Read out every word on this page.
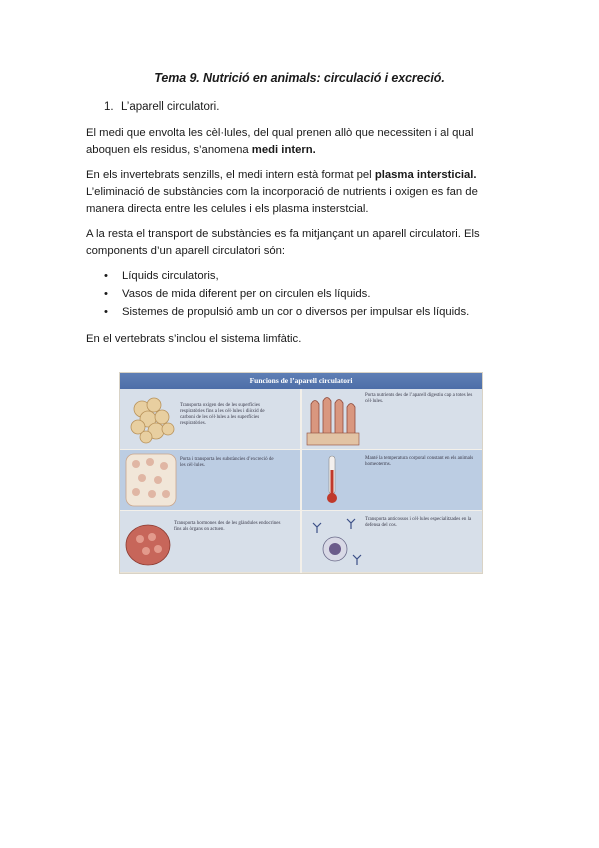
Tema 9. Nutrició en animals: circulació i excreció.
1. L’aparell circulatori.
El medi que envolta les cèl·lules, del qual prenen allò que necessiten i al qual
aboquen els residus, s’anomena medi intern.
En els invertebrats senzills, el medi intern està format pel plasma intersticial.
L’eliminació de substàncies com la incorporació de nutrients i oxigen es fan de
manera directa entre les celules i els plasma insterstcial.
A la resta el transport de substàncies es fa mitjançant un aparell circulatori. Els
components d’un aparell circulatori són:
• Líquids circulatoris,
• Vasos de mida diferent per on circulen els líquids.
• Sistemes de propulsió amb un cor o diversos per impulsar els líquids.
En el vertebrats s’inclou el sistema limfàtic.
Funcions de l’aparell circulatori
Transporta oxigen des de les superfícies respiratòries fins a les cèl·lules i diòxid de carboni de les cèl·lules a les superfícies respiratòries.
Porta nutrients des de l’aparell digestiu cap a totes les cèl·lules.
Porta i transporta les substàncies d’excreció de les cèl·lules.
Manté la temperatura corporal constant en els animals homeoterms.
Transporta hormones des de les glàndules endocrines fins als òrgans on actuen.
Transporta anticossos i cèl·lules especialitzades en la defensa del cos.
